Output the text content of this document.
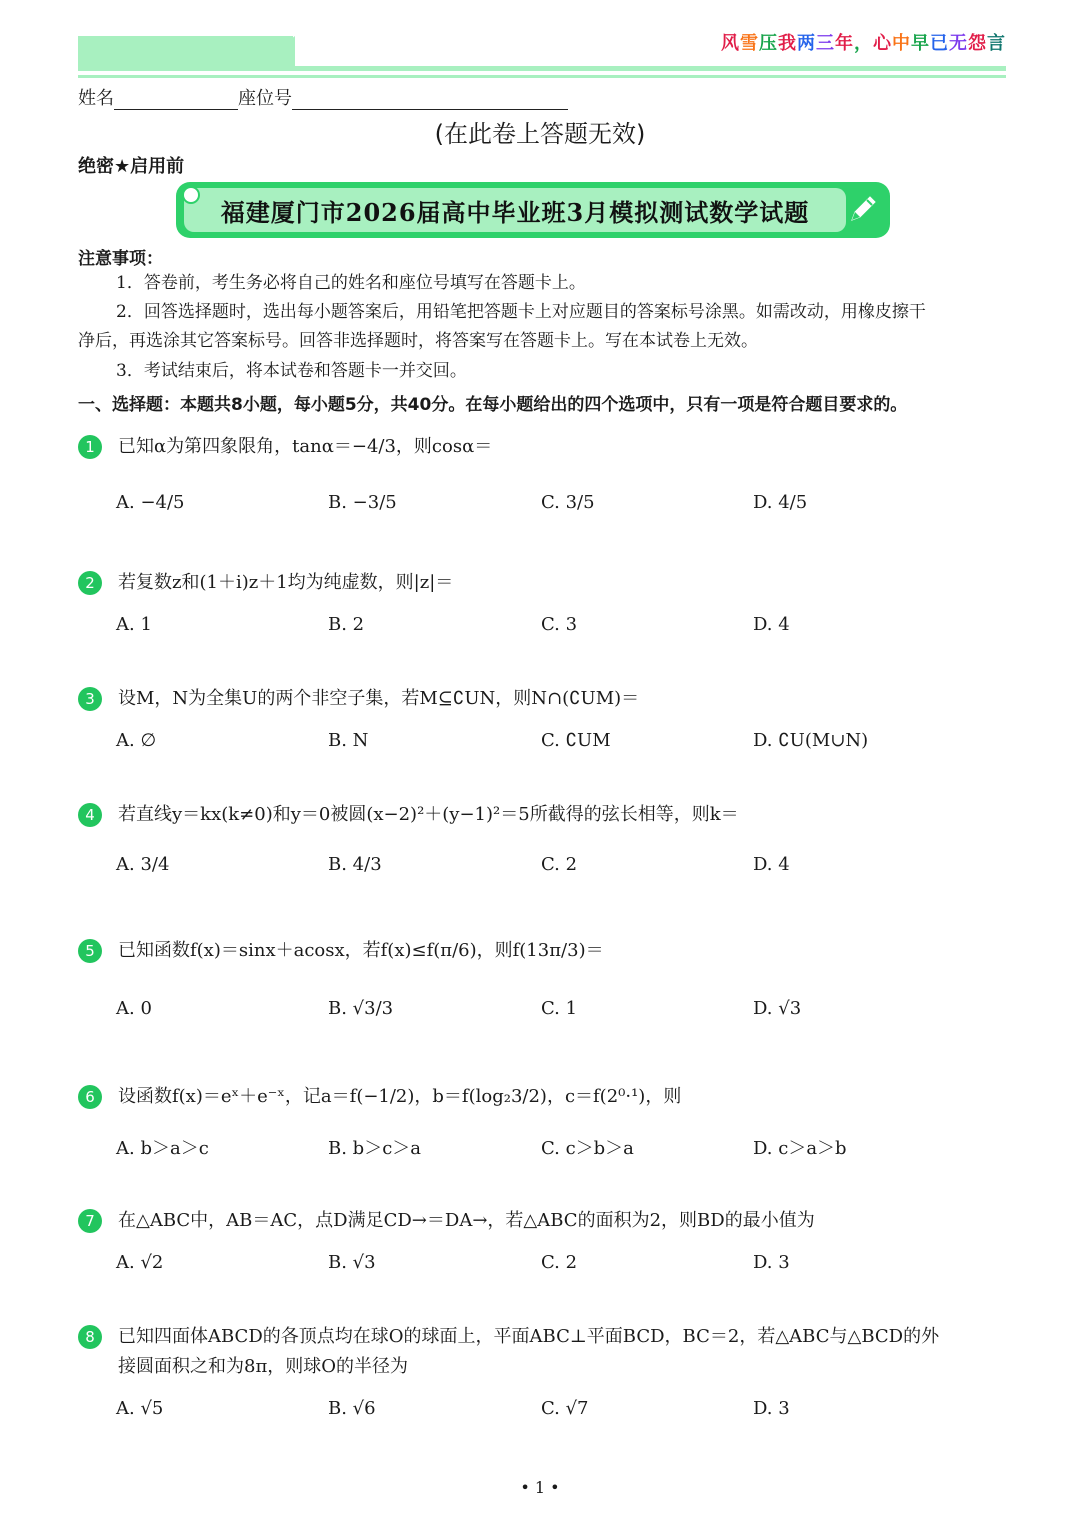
风雪压我两三年，心中早已无怨言
姓名	座位号
(在此卷上答题无效)
绝密★启用前
福建厦门市2026届高中毕业班3月模拟测试数学试题
注意事项：
1．答卷前，考生务必将自己的姓名和座位号填写在答题卡上。
2．回答选择题时，选出每小题答案后，用铅笔把答题卡上对应题目的答案标号涂黑。如需改动，用橡皮擦干
净后，再选涂其它答案标号。回答非选择题时，将答案写在答题卡上。写在本试卷上无效。
3．考试结束后，将本试卷和答题卡一并交回。
一、选择题：本题共8小题，每小题5分，共40分。在每小题给出的四个选项中，只有一项是符合题目要求的。
1	已知α为第四象限角，tanα＝−4/3，则cosα＝
A. −4/5	B. −3/5	C. 3/5	D. 4/5
2	若复数z和(1＋i)z＋1均为纯虚数，则|z|＝
A. 1	B. 2	C. 3	D. 4
3	设M，N为全集U的两个非空子集，若M⊆∁UN，则N∩(∁UM)＝
A. ∅	B. N	C. ∁UM	D. ∁U(M∪N)
4	若直线y＝kx(k≠0)和y＝0被圆(x−2)²＋(y−1)²＝5所截得的弦长相等，则k＝
A. 3/4	B. 4/3	C. 2	D. 4
5	已知函数f(x)＝sinx＋acosx，若f(x)≤f(π/6)，则f(13π/3)＝
A. 0	B. √3/3	C. 1	D. √3
6	设函数f(x)＝eˣ＋e⁻ˣ，记a＝f(−1/2)，b＝f(log₂3/2)，c＝f(2⁰·¹)，则
A. b＞a＞c	B. b＞c＞a	C. c＞b＞a	D. c＞a＞b
7	在△ABC中，AB＝AC，点D满足CD→＝DA→，若△ABC的面积为2，则BD的最小值为
A. √2	B. √3	C. 2	D. 3
8	已知四面体ABCD的各顶点均在球O的球面上，平面ABC⊥平面BCD，BC＝2，若△ABC与△BCD的外
接圆面积之和为8π，则球O的半径为
A. √5	B. √6	C. √7	D. 3
• 1 •
